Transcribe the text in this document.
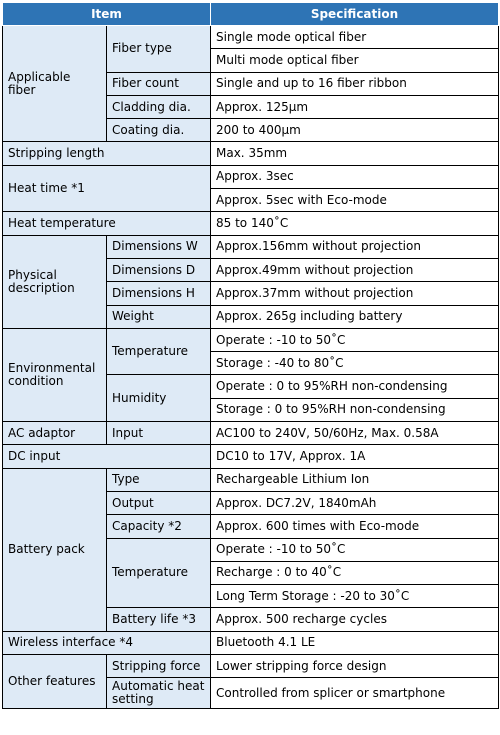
Item		Specification
Applicable fiber	Fiber type	Single mode optical fiber
		Multi mode optical fiber
	Fiber count	Single and up to 16 fiber ribbon
	Cladding dia.	Approx. 125µm
	Coating dia.	200 to 400µm
Stripping length		Max. 35mm
Heat time *1		Approx. 3sec
		Approx. 5sec with Eco-mode
Heat temperature		85 to 140˚C
Physical description	Dimensions W	Approx.156mm without projection
	Dimensions D	Approx.49mm without projection
	Dimensions H	Approx.37mm without projection
	Weight	Approx. 265g including battery
Environmental condition	Temperature	Operate : -10 to 50˚C
		Storage : -40 to 80˚C
	Humidity	Operate : 0 to 95%RH non-condensing
		Storage : 0 to 95%RH non-condensing
AC adaptor	Input	AC100 to 240V, 50/60Hz, Max. 0.58A
DC input		DC10 to 17V, Approx. 1A
Battery pack	Type	Rechargeable Lithium Ion
	Output	Approx. DC7.2V, 1840mAh
	Capacity *2	Approx. 600 times with Eco-mode
	Temperature	Operate : -10 to 50˚C
		Recharge : 0 to 40˚C
		Long Term Storage : -20 to 30˚C
	Battery life *3	Approx. 500 recharge cycles
Wireless interface *4		Bluetooth 4.1 LE
Other features	Stripping force	Lower stripping force design
	Automatic heat setting	Controlled from splicer or smartphone
